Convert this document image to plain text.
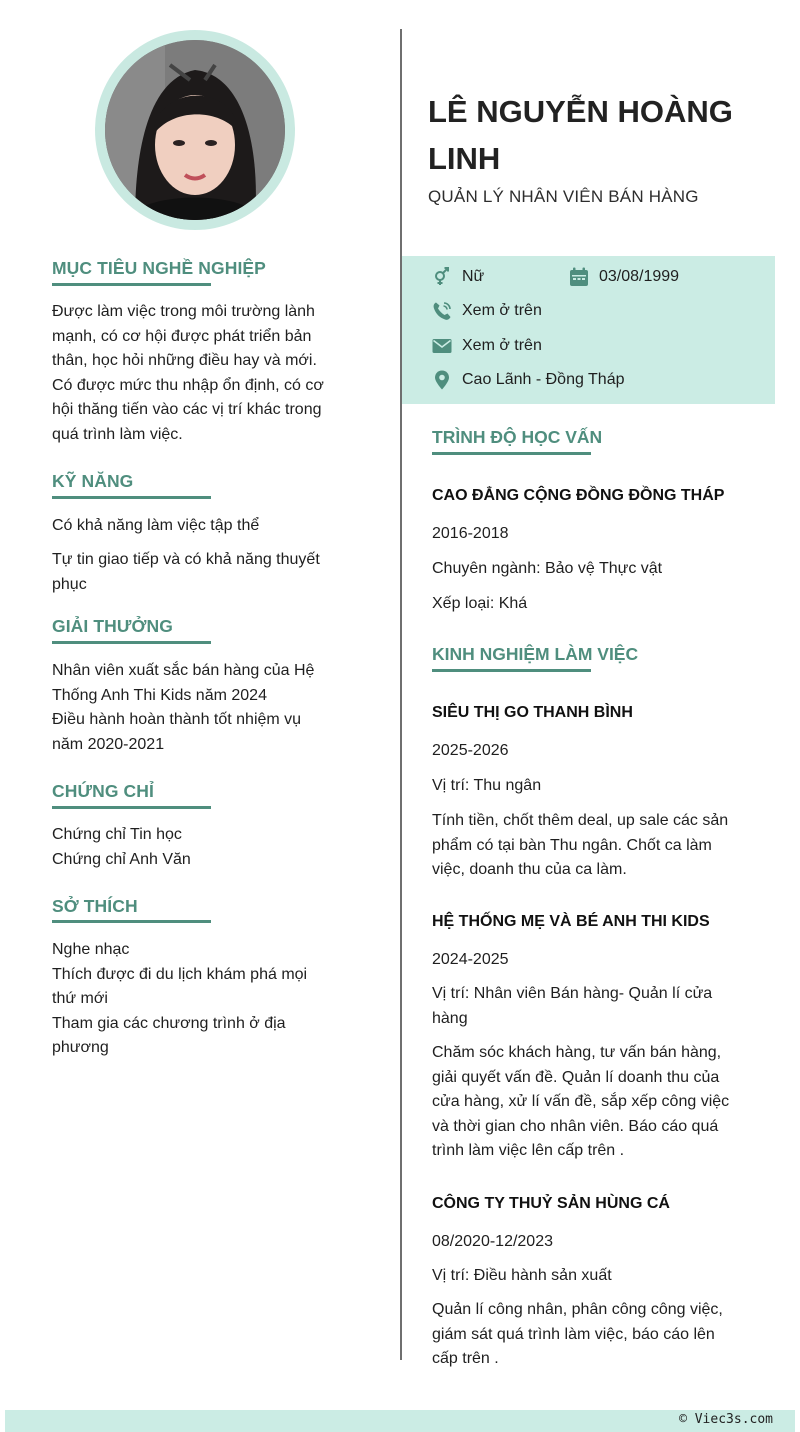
MỤC TIÊU NGHỀ NGHIỆP
Được làm việc trong môi trường lành
mạnh, có cơ hội được phát triển bản
thân, học hỏi những điều hay và mới.
Có được mức thu nhập ổn định, có cơ
hội thăng tiến vào các vị trí khác trong
quá trình làm việc.
KỸ NĂNG
Có khả năng làm việc tập thể
Tự tin giao tiếp và có khả năng thuyết
phục
GIẢI THƯỞNG
Nhân viên xuất sắc bán hàng của Hệ
Thống Anh Thi Kids năm 2024
Điều hành hoàn thành tốt nhiệm vụ
năm 2020-2021
CHỨNG CHỈ
Chứng chỉ Tin học
Chứng chỉ Anh Văn
SỞ THÍCH
Nghe nhạc
Thích được đi du lịch khám phá mọi
thứ mới
Tham gia các chương trình ở địa
phương
LÊ NGUYỄN HOÀNG
LINH
QUẢN LÝ NHÂN VIÊN BÁN HÀNG
Nữ	03/08/1999
Xem ở trên
Xem ở trên
Cao Lãnh - Đồng Tháp
TRÌNH ĐỘ HỌC VẤN
CAO ĐẲNG CỘNG ĐỒNG ĐỒNG THÁP
2016-2018
Chuyên ngành: Bảo vệ Thực vật
Xếp loại: Khá
KINH NGHIỆM LÀM VIỆC
SIÊU THỊ GO THANH BÌNH
2025-2026
Vị trí: Thu ngân
Tính tiền, chốt thêm deal, up sale các sản
phẩm có tại bàn Thu ngân. Chốt ca làm
việc, doanh thu của ca làm.
HỆ THỐNG MẸ VÀ BÉ ANH THI KIDS
2024-2025
Vị trí: Nhân viên Bán hàng- Quản lí cửa
hàng
Chăm sóc khách hàng, tư vấn bán hàng,
giải quyết vấn đề. Quản lí doanh thu của
cửa hàng, xử lí vấn đề, sắp xếp công việc
và thời gian cho nhân viên. Báo cáo quá
trình làm việc lên cấp trên .
CÔNG TY THUỶ SẢN HÙNG CÁ
08/2020-12/2023
Vị trí: Điều hành sản xuất
Quản lí công nhân, phân công công việc,
giám sát quá trình làm việc, báo cáo lên
cấp trên .
© Viec3s.com
